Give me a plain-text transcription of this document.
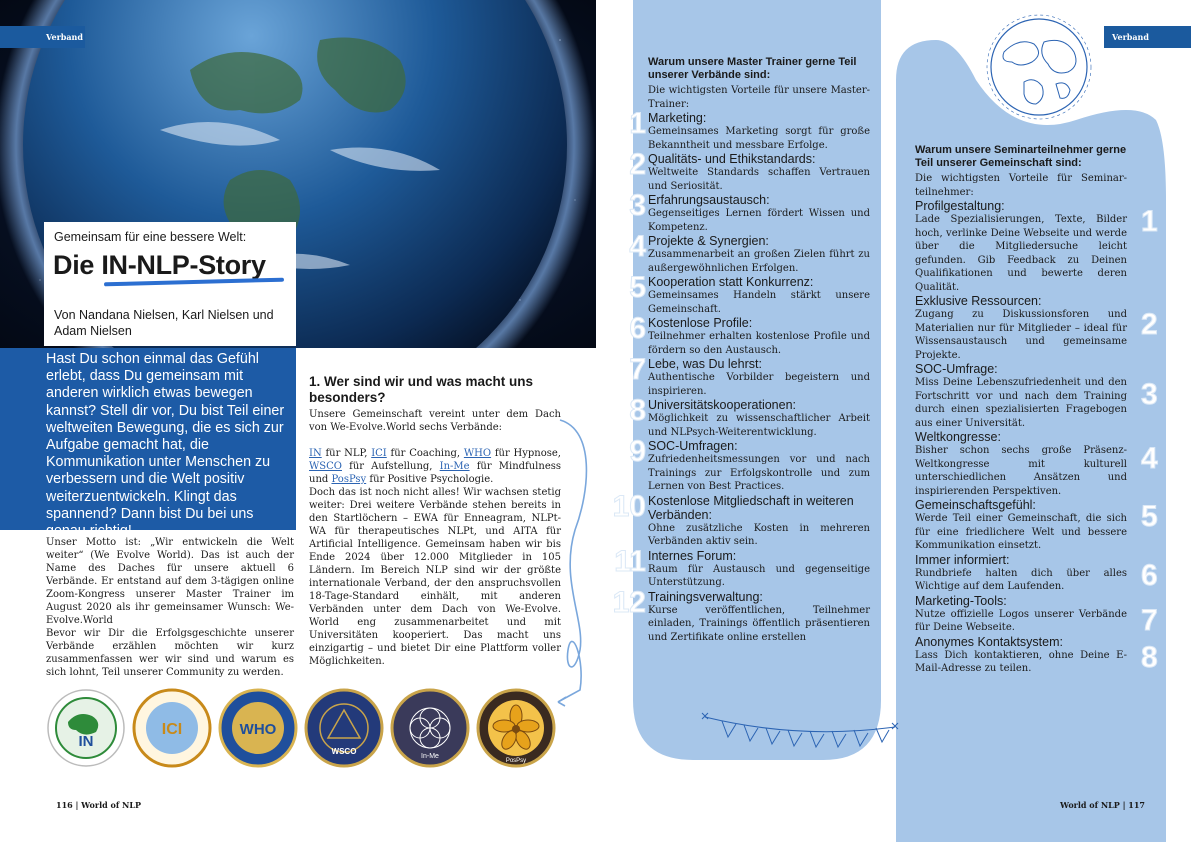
Verband
Gemeinsam für eine bessere Welt:
Die IN-NLP-Story
Von Nandana Nielsen, Karl Nielsen und Adam Nielsen

Hast Du schon einmal das Gefühl erlebt, dass Du gemeinsam mit anderen wirklich etwas bewegen kannst? Stell dir vor, Du bist Teil einer weltweiten Bewegung, die es sich zur Aufgabe gemacht hat, die Kommunikation unter Menschen zu verbessern und die Welt positiv weiterzuentwickeln. Klingt das spannend? Dann bist Du bei uns genau richtig!

Unser Motto ist: „Wir entwickeln die Welt weiter“ (We Evolve World). Das ist auch der Name des Daches für unsere aktuell 6 Verbände. Er entstand auf dem 3-tägigen online Zoom-Kongress unserer Master Trainer im August 2020 als ihr gemeinsamer Wunsch: We-Evolve.World

Bevor wir Dir die Erfolgsgeschichte unserer Verbände erzählen möchten wir kurz zusammenfassen wer wir sind und warum es sich lohnt, Teil unserer Community zu werden.

1. Wer sind wir und was macht uns besonders?

Unsere Gemeinschaft vereint unter dem Dach von We-Evolve.World sechs Verbände:

IN für NLP, ICI für Coaching, WHO für Hypnose, WSCO für Aufstellung, In-Me für Mindfulness und PosPsy für Positive Psychologie.

Doch das ist noch nicht alles! Wir wachsen stetig weiter: Drei weitere Verbände stehen bereits in den Startlöchern – EWA für Enneagram, NLPt-WA für therapeutisches NLPt, und AITA für Artificial Intelligence. Gemeinsam haben wir bis Ende 2024 über 12.000 Mitglieder in 105 Ländern. Im Bereich NLP sind wir der größte internationale Verband, der den anspruchsvollen 18-Tage-Standard einhält, mit anderen Verbänden unter dem Dach von We-Evolve. World eng zusammenarbeitet und mit Universitäten kooperiert. Das macht uns einzigartig – und bietet Dir eine Plattform voller Möglichkeiten.

IN
ICI	WHO
WSCO
In-Me
PosPsy
116 | World of NLP
Warum unsere Master Trainer gerne Teil unserer Verbände sind:

Die wichtigsten Vorteile für unsere Master-Trainer:

1 Marketing:

Gemeinsames Marketing sorgt für große Bekanntheit und messbare Erfolge.

2 Qualitäts- und Ethikstandards:

Weltweite Standards schaffen Vertrauen und Seriosität.

3 Erfahrungsaustausch:

Gegenseitiges Lernen fördert Wissen und Kompetenz.

4 Projekte & Synergien:

Zusammenarbeit an großen Zielen führt zu außergewöhnlichen Erfolgen.

5 Kooperation statt Konkurrenz:

Gemeinsames Handeln stärkt unsere Gemeinschaft.

6 Kostenlose Profile:

Teilnehmer erhalten kostenlose Profile und fördern so den Austausch.

7 Lebe, was Du lehrst:

Authentische Vorbilder begeistern und inspirieren.

8 Universitätskooperationen:

Möglichkeit zu wissenschaftlicher Arbeit und NLPsych-Weiterentwicklung.

9 SOC-Umfragen:

Zufriedenheitsmessungen vor und nach Trainings zur Erfolgskontrolle und zum Lernen von Best Practices.

10 Kostenlose Mitgliedschaft in weiteren Verbänden:

Ohne zusätzliche Kosten in mehreren Verbänden aktiv sein.

11 Internes Forum:

Raum für Austausch und gegenseitige Unterstützung.

12 Trainingsverwaltung:

Kurse veröffentlichen, Teilnehmer einladen, Trainings öffentlich präsentieren und Zertifikate online erstellen

Verband
Warum unsere Seminarteilnehmer gerne Teil unserer Gemeinschaft sind:

Die wichtigsten Vorteile für Seminar-teilnehmer:

1

Profilgestaltung:

Lade Spezialisierungen, Texte, Bilder hoch, verlinke Deine Webseite und werde über die Mitgliedersuche leicht gefunden. Gib Feedback zu Deinen Qualifikationen und bewerte deren Qualität.

2

Exklusive Ressourcen:

Zugang zu Diskussionsforen und Materialien nur für Mitglieder – ideal für Wissensaustausch und gemeinsame Projekte.

3

SOC-Umfrage:

Miss Deine Lebenszufriedenheit und den Fortschritt vor und nach dem Training durch einen spezialisierten Fragebogen aus einer Universität.

4

Weltkongresse:

Bisher schon sechs große Präsenz-Weltkongresse mit kulturell unterschiedlichen Ansätzen und inspirierenden Perspektiven.

5

Gemeinschaftsgefühl:

Werde Teil einer Gemeinschaft, die sich für eine friedlichere Welt und bessere Kommunikation einsetzt.

6

Immer informiert:

Rundbriefe halten dich über alles Wichtige auf dem Laufenden.

7

Marketing-Tools:

Nutze offizielle Logos unserer Verbände für Deine Webseite.

8

Anonymes Kontaktsystem:

Lass Dich kontaktieren, ohne Deine E-Mail-Adresse zu teilen.

World of NLP | 117
